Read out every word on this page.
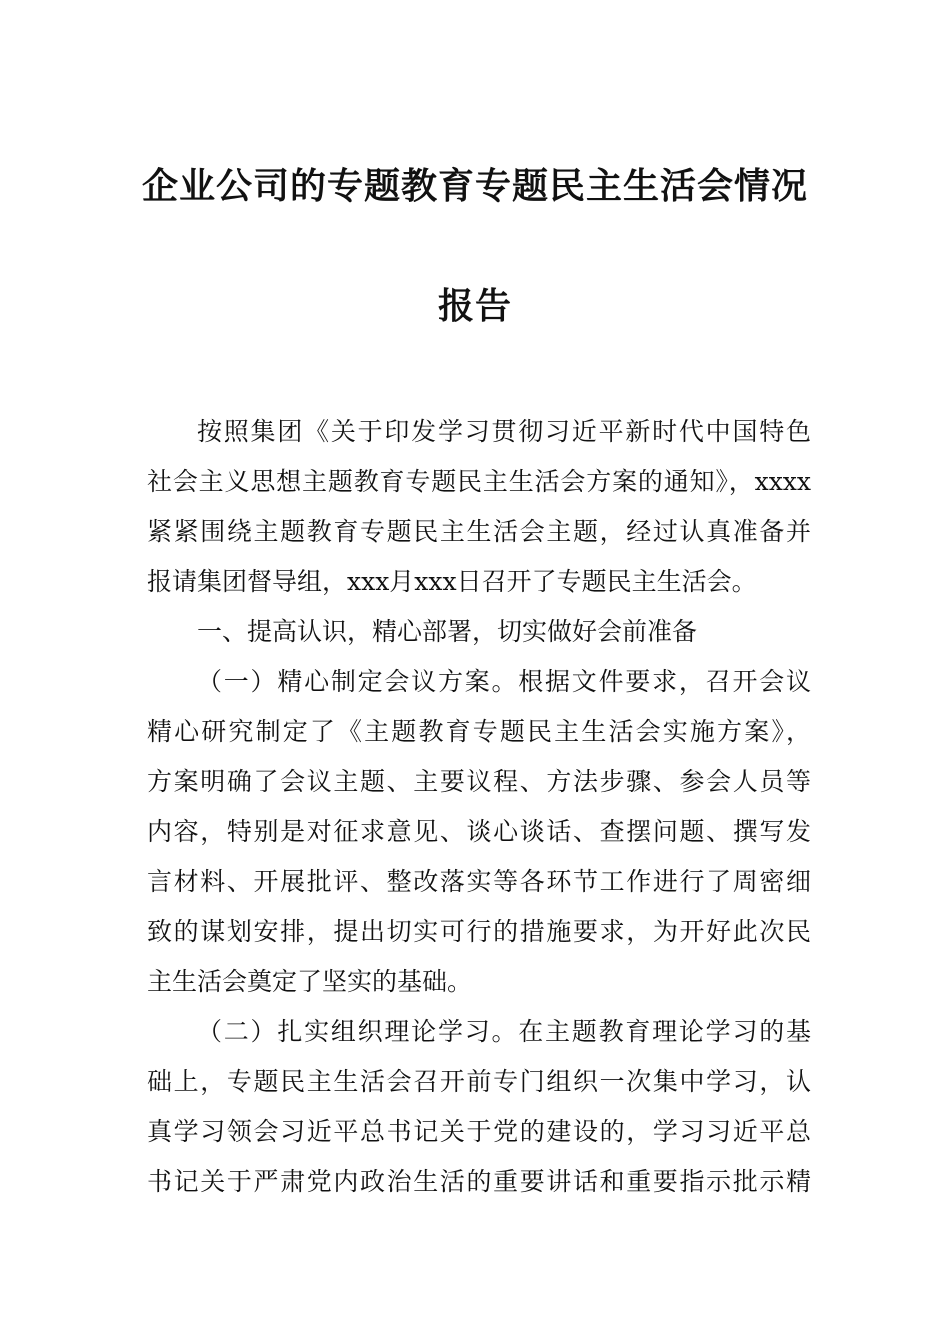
企业公司的专题教育专题民主生活会情况
报告
按照集团《关于印发学习贯彻习近平新时代中国特色
社会主义思想主题教育专题民主生活会方案的通知》，xxxx
紧紧围绕主题教育专题民主生活会主题，经过认真准备并
报请集团督导组，xxx月xxx日召开了专题民主生活会。
一、提高认识，精心部署，切实做好会前准备
（一）精心制定会议方案。根据文件要求，召开会议
精心研究制定了《主题教育专题民主生活会实施方案》，
方案明确了会议主题、主要议程、方法步骤、参会人员等
内容，特别是对征求意见、谈心谈话、查摆问题、撰写发
言材料、开展批评、整改落实等各环节工作进行了周密细
致的谋划安排，提出切实可行的措施要求，为开好此次民
主生活会奠定了坚实的基础。
（二）扎实组织理论学习。在主题教育理论学习的基
础上，专题民主生活会召开前专门组织一次集中学习，认
真学习领会习近平总书记关于党的建设的，学习习近平总
书记关于严肃党内政治生活的重要讲话和重要指示批示精
